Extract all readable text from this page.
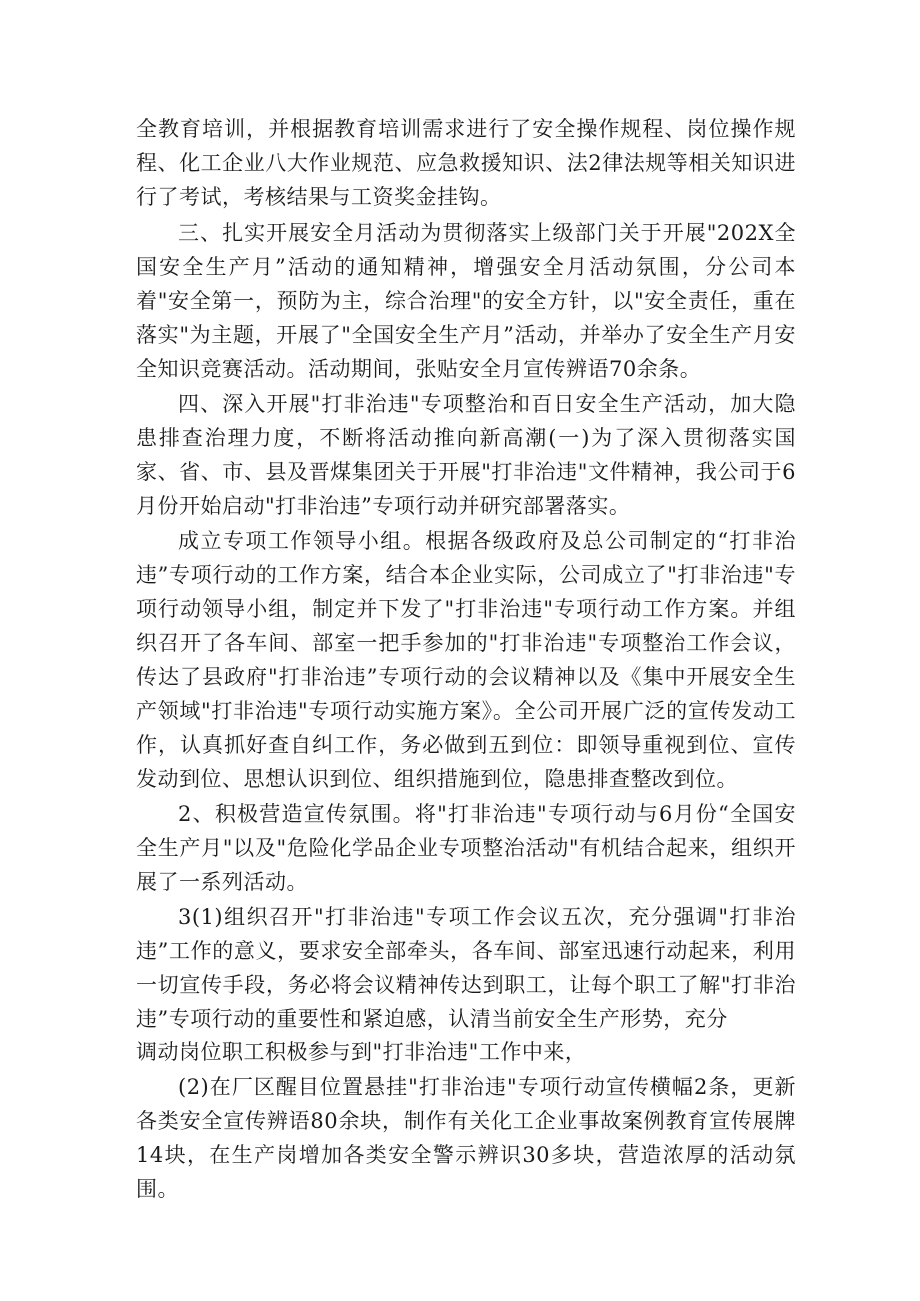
全教育培训，并根据教育培训需求进行了安全操作规程、岗位操作规程、化工企业八大作业规范、应急救援知识、法2律法规等相关知识进行了考试，考核结果与工资奖金挂钩。

三、扎实开展安全月活动为贯彻落实上级部门关于开展"202X全国安全生产月”活动的通知精神，增强安全月活动氛围，分公司本着"安全第一，预防为主，综合治理"的安全方针，以"安全责任，重在落实"为主题，开展了"全国安全生产月”活动，并举办了安全生产月安全知识竞赛活动。活动期间，张贴安全月宣传辨语70余条。

四、深入开展"打非治违"专项整治和百日安全生产活动，加大隐患排查治理力度，不断将活动推向新高潮(一)为了深入贯彻落实国家、省、市、县及晋煤集团关于开展"打非治违"文件精神，我公司于6月份开始启动"打非治违”专项行动并研究部署落实。

成立专项工作领导小组。根据各级政府及总公司制定的“打非治违”专项行动的工作方案，结合本企业实际，公司成立了"打非治违"专项行动领导小组，制定并下发了"打非治违"专项行动工作方案。并组织召开了各车间、部室一把手参加的"打非治违"专项整治工作会议，传达了县政府"打非治违”专项行动的会议精神以及《集中开展安全生产领域"打非治违"专项行动实施方案》。全公司开展广泛的宣传发动工作，认真抓好查自纠工作，务必做到五到位：即领导重视到位、宣传发动到位、思想认识到位、组织措施到位，隐患排查整改到位。

2、积极营造宣传氛围。将"打非治违"专项行动与6月份“全国安全生产月"以及"危险化学品企业专项整治活动"有机结合起来，组织开展了一系列活动。

3(1)组织召开"打非治违"专项工作会议五次，充分强调"打非治违”工作的意义，要求安全部牵头，各车间、部室迅速行动起来，利用一切宣传手段，务必将会议精神传达到职工，让每个职工了解"打非治违”专项行动的重要性和紧迫感，认清当前安全生产形势，充分

调动岗位职工积极参与到"打非治违"工作中来，

(2)在厂区醒目位置悬挂"打非治违"专项行动宣传横幅2条，更新各类安全宣传辨语80余块，制作有关化工企业事故案例教育宣传展牌14块，在生产岗增加各类安全警示辨识30多块，营造浓厚的活动氛围。
